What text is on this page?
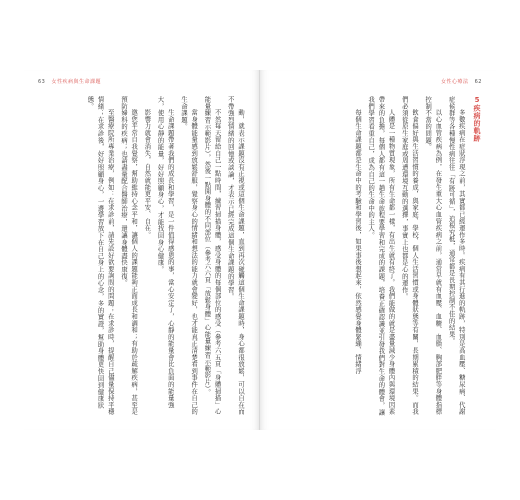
63 女性疾病與生命課題

動，就表示課題沒有正視或這個生命課題，直到再次碰觸這個生命課題時，身心都很放鬆，可以自在而不帶強烈情緒的回憶或談論，才表示已經完成這個生命課題的學習。

不然每天留給自己一點時間，練習掃描身體，感受身體的每個部位的感受（參考六五頁「身體掃描」心能量練習示範影片），然後一點開身體的不同部位（參考六六頁「放鬆身體」心能量練習示範影片）。

當身體能量感到放鬆舒服，覺察身心的情緒和想法的能力就會變好，也才能真正清楚看到事件在自己的生命課題。

生命課題帶著我們的成長和學習，是一件值得感恩的事，當心安定了，心靜的能量會比負面的能量強大，使用心靜的能量，好好照顧身心，才能找回身心健康。

影響力就會消失，自然就能更平安、自在。

邀您平常自我覺察，幫助維持心念平和，讓個人的課題能夠正面成長和調和；有助於疏解疾病，甚至是預防婦科的疾病；也請盡量配合醫師治療，還讓身體盡快康復。

至醫療院所專業治療，例如：在求診前，請先設好欲要詢問的問題；在求診時，提醒自己儘量保持平穩情緒；在求診後，好好照顧身心，一邊學習放下在自己身上的心念，多的實證，幫助身體更快回到健康狀態。

女性心療法 62

5疾病的軌跡

多數疾病在症狀浮現之前，其實都已經運作多時。疾病有其行進的軌跡，特別是高血壓、糖尿病、代謝症候群等各種慢性病往往「有跡可循」，追根究柢，通常都是長期控制不佳的結果。

以心血管疾病為例，在發生重大心血管疾病之前，通常早就有血壓、血糖、血脂、胸部肥胖等身體指標控制不當的問題。

飲食偏好與生活習慣的養成，與家庭、學校、個人生活習慣或身體狀態等有關，長期累積的結果。而我們必須從原生家庭或周遭環境互動的選擇，事實上也都是心的運作。

人體是一種物質現象，所有生命都一樣，有出生就有終了。我們能做的就是盡量減少身體內與環境因素帶來的負擔，每個人都有這一趟生命旅程要學習和完成的課題，培養正確認識並引發我們對生命的體會，讓我們學習看重自己，成為自己的生命中的主人。

每個生命課題都是生命中的考驗和學習後，如果事後想起來，依然感覺身體緊繃、情緒浮
